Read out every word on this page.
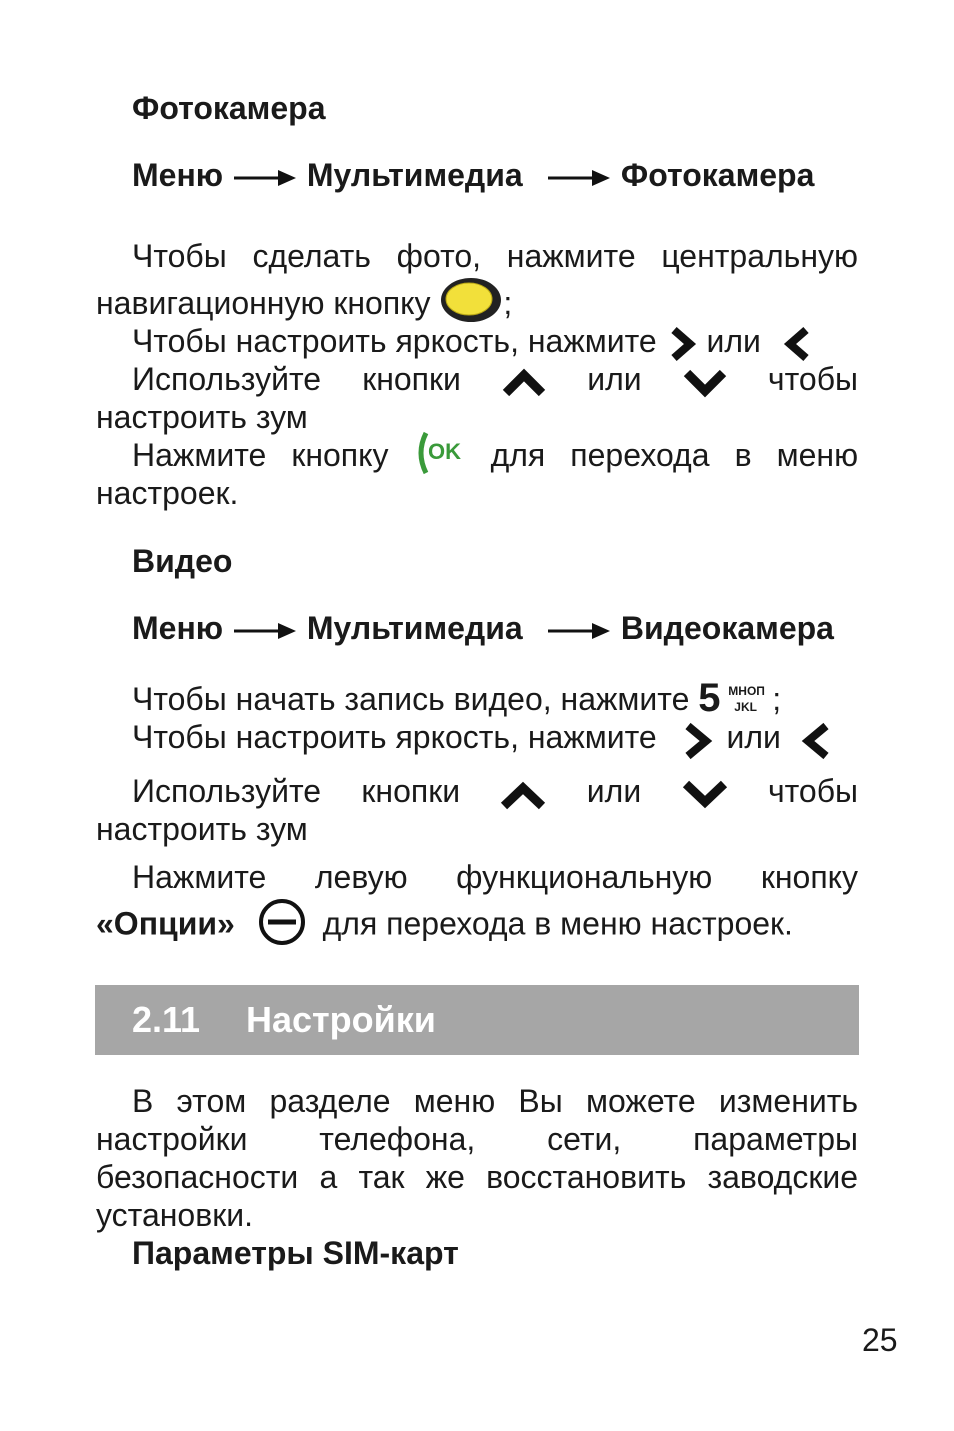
Фотокамера
Меню	Мультимедиа	Фотокамера
Чтобы сделать фото, нажмите центральную
навигационную кнопку ;
Чтобы настроить яркость, нажмите или
Используйте кнопки	или	чтобы
настроить зум
Нажмите кнопку OK для перехода в меню
настроек.
Видео
Меню	Мультимедиа	Видеокамера
Чтобы начать запись видео, нажмите 5 МНОП
JKL ;
Чтобы настроить яркость, нажмите или
Используйте кнопки	или	чтобы
настроить зум
Нажмите левую функциональную кнопку
«Опции»	для перехода в меню настроек.
2.11 Настройки
В этом разделе меню Вы можете изменить
настройки телефона, сети, параметры
безопасности а так же восстановить заводские
установки.
Параметры SIM-карт
25
